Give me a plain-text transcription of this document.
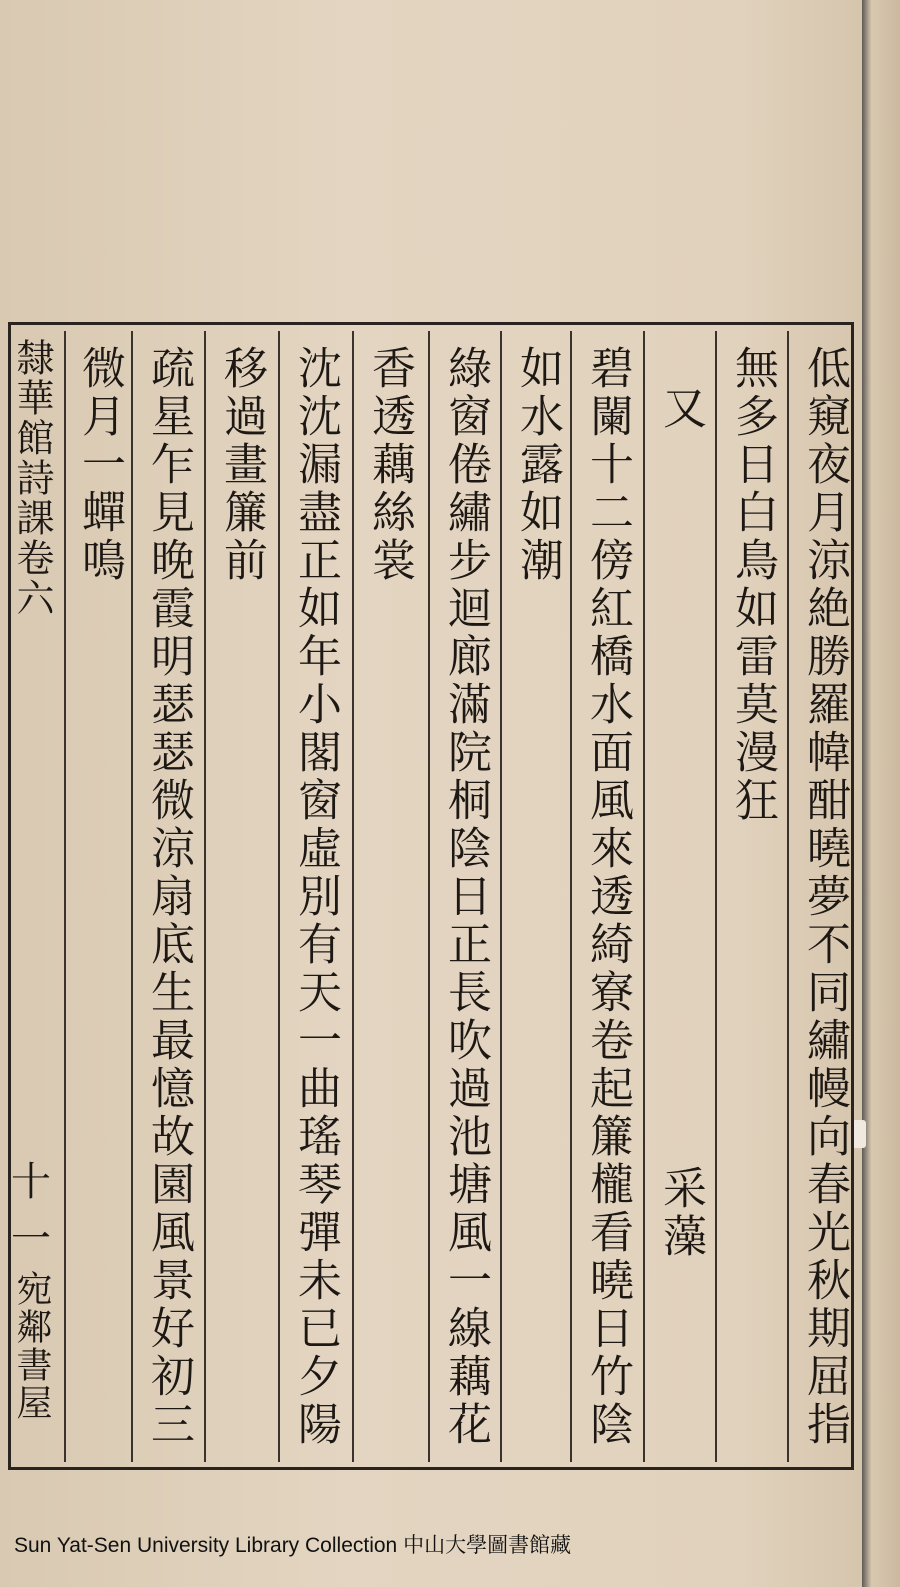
隸華館詩課卷六
十一
宛鄰書屋	低窺夜月涼絶勝羅幃酣曉夢不同繡幔向春光秋期屈指
無多日白鳥如雷莫漫狂
又
采藻
碧闌十二傍紅橋水面風來透綺寮卷起簾櫳看曉日竹陰
如水露如潮
綠窗倦繡步迴廊滿院桐陰日正長吹過池塘風一線藕花
香透藕絲裳
沈沈漏盡正如年小閣窗虛別有天一曲瑤琴彈未已夕陽
移過畫簾前
疏星乍見晚霞明瑟瑟微涼扇底生最憶故園風景好初三
微月一蟬鳴
Sun Yat-Sen University Library Collection 中山大學圖書館藏
